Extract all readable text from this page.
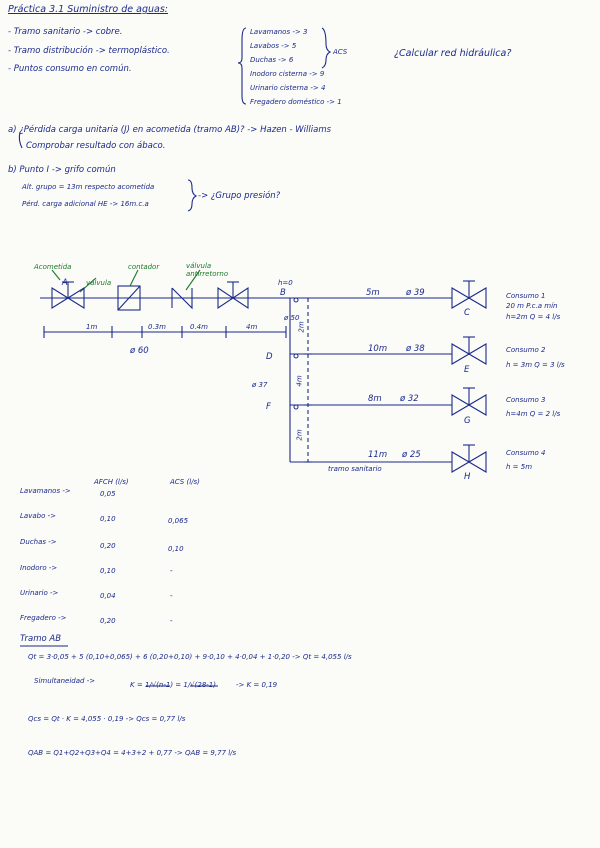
Práctica 3.1 Suministro de aguas:
- Tramo sanitario -> cobre.
- Tramo distribución -> termoplástico.
- Puntos consumo en común.
Lavamanos -> 3
Lavabos -> 5
Duchas -> 6
Inodoro cisterna -> 9
Urinario cisterna -> 4
Fregadero doméstico -> 1
ACS	¿Calcular red hidráulica?
a) ¿Pérdida carga unitaria (J) en acometida (tramo AB)? -> Hazen - Williams
Comprobar resultado con ábaco.
b) Punto I -> grifo común
Alt. grupo = 13m respecto acometida
Pérd. carga adicional HE -> 16m.c.a
-> ¿Grupo presión?
Acometida	contador
válvula
válvula antirretorno
A
B
C
D
E
F
G
H
h=0
1m	0.3m	0.4m	4m	2m
4m
2m
ø 60
ø 37
ø 50
5m	ø 39
10m ø 38
8m ø 32
11m ø 25
tramo sanitario
Consumo 1
20 m P.c.a mín
h=2m Q = 4 l/s
Consumo 2
h = 3m Q = 3 l/s
Consumo 3
h=4m Q = 2 l/s
Consumo 4
h = 5m
AFCH (l/s)	ACS (l/s)
Lavamanos ->	0,05
Lavabo ->	0,10	0,065
Duchas ->	0,20	0,10
Inodoro ->	0,10	-
Urinario ->	0,04	-
Fregadero ->	0,20	-
Tramo AB
Qt = 3·0,05 + 5 (0,10+0,065) + 6 (0,20+0,10) + 9·0,10 + 4·0,04 + 1·0,20 -> Qt = 4,055 l/s
Simultaneidad ->	K = 1/√(n-1) = 1/√(28-1)	-> K = 0,19
Qcs = Qt · K = 4,055 · 0,19 -> Qcs = 0,77 l/s
QAB = Q1+Q2+Q3+Q4 = 4+3+2 + 0,77 -> QAB = 9,77 l/s
